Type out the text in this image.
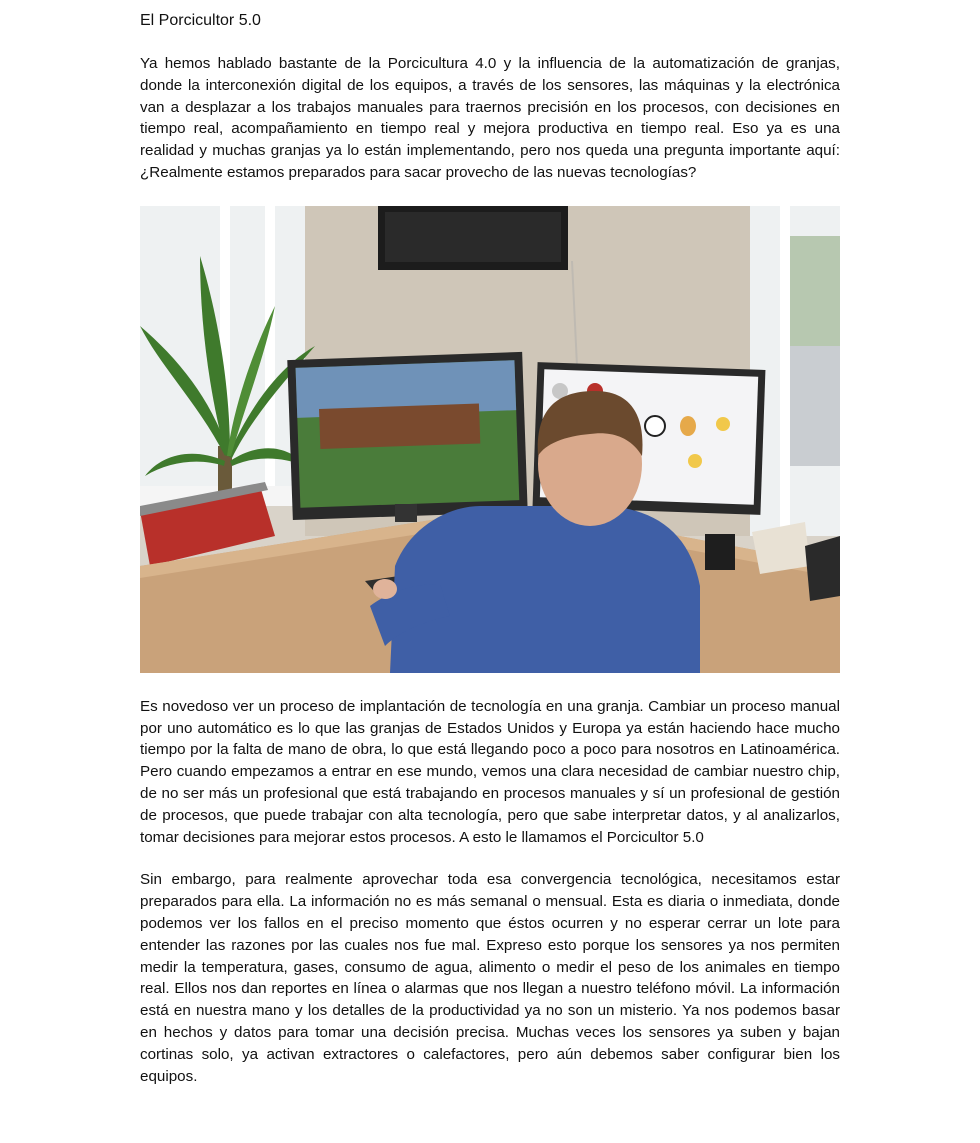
El Porcicultor 5.0

Ya hemos hablado bastante de la Porcicultura 4.0 y la influencia de la automatización de granjas, donde la interconexión digital de los equipos, a través de los sensores, las máquinas y la electrónica van a desplazar a los trabajos manuales para traernos precisión en los procesos, con decisiones en tiempo real, acompañamiento en tiempo real y mejora productiva en tiempo real. Eso ya es una realidad y muchas granjas ya lo están implementando, pero nos queda una pregunta importante aquí: ¿Realmente estamos preparados para sacar provecho de las nuevas tecnologías?

Es novedoso ver un proceso de implantación de tecnología en una granja. Cambiar un proceso manual por uno automático es lo que las granjas de Estados Unidos y Europa ya están haciendo hace mucho tiempo por la falta de mano de obra, lo que está llegando poco a poco para nosotros en Latinoamérica. Pero cuando empezamos a entrar en ese mundo, vemos una clara necesidad de cambiar nuestro chip, de no ser más un profesional que está trabajando en procesos manuales y sí un profesional de gestión de procesos, que puede trabajar con alta tecnología, pero que sabe interpretar datos, y al analizarlos, tomar decisiones para mejorar estos procesos. A esto le llamamos el Porcicultor 5.0

Sin embargo, para realmente aprovechar toda esa convergencia tecnológica, necesitamos estar preparados para ella. La información no es más semanal o mensual. Esta es diaria o inmediata, donde podemos ver los fallos en el preciso momento que éstos ocurren y no esperar cerrar un lote para entender las razones por las cuales nos fue mal. Expreso esto porque los sensores ya nos permiten medir la temperatura, gases, consumo de agua, alimento o medir el peso de los animales en tiempo real. Ellos nos dan reportes en línea o alarmas que nos llegan a nuestro teléfono móvil. La información está en nuestra mano y los detalles de la productividad ya no son un misterio. Ya nos podemos basar en hechos y datos para tomar una decisión precisa. Muchas veces los sensores ya suben y bajan cortinas solo, ya activan extractores o calefactores, pero aún debemos saber configurar bien los equipos.
